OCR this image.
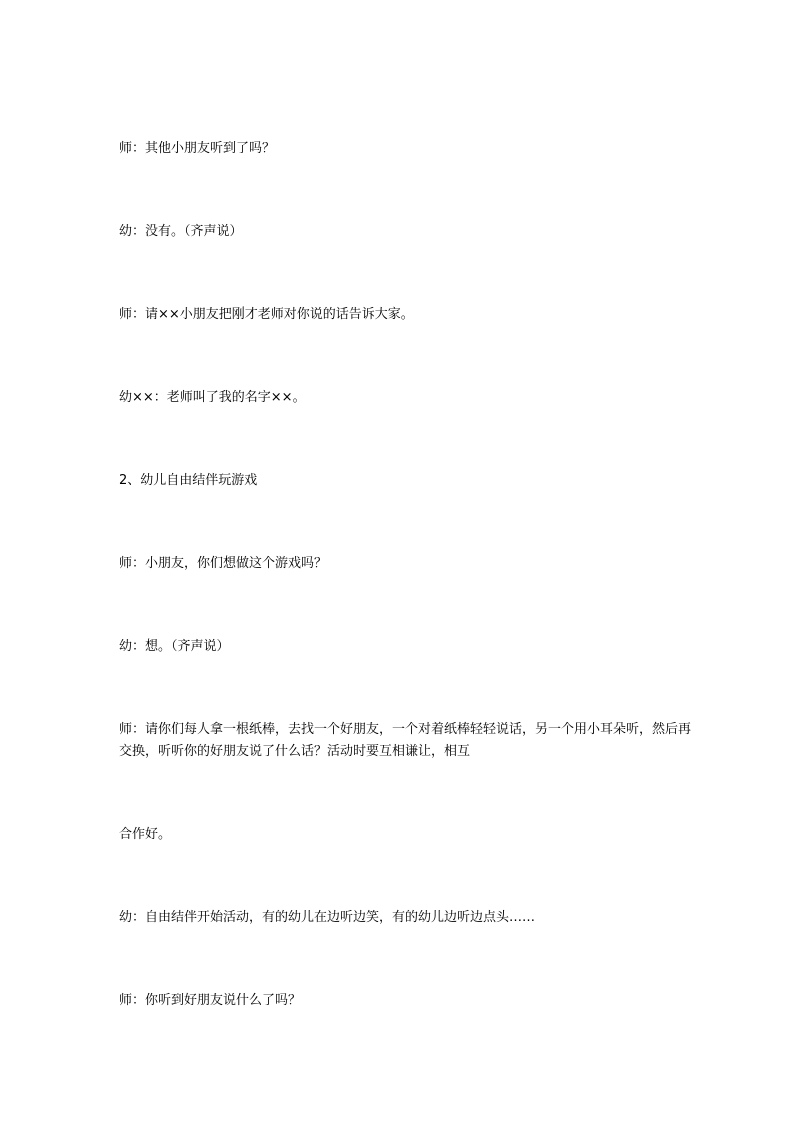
师：其他小朋友听到了吗？

幼：没有。（齐声说）

师：请××小朋友把刚才老师对你说的话告诉大家。

幼××：老师叫了我的名字××。

2、幼儿自由结伴玩游戏

师：小朋友，你们想做这个游戏吗？

幼：想。（齐声说）

师：请你们每人拿一根纸棒，去找一个好朋友，一个对着纸棒轻轻说话，另一个用小耳朵听，然后再交换，听听你的好朋友说了什么话？活动时要互相谦让，相互

合作好。

幼：自由结伴开始活动，有的幼儿在边听边笑，有的幼儿边听边点头……

师：你听到好朋友说什么了吗？
